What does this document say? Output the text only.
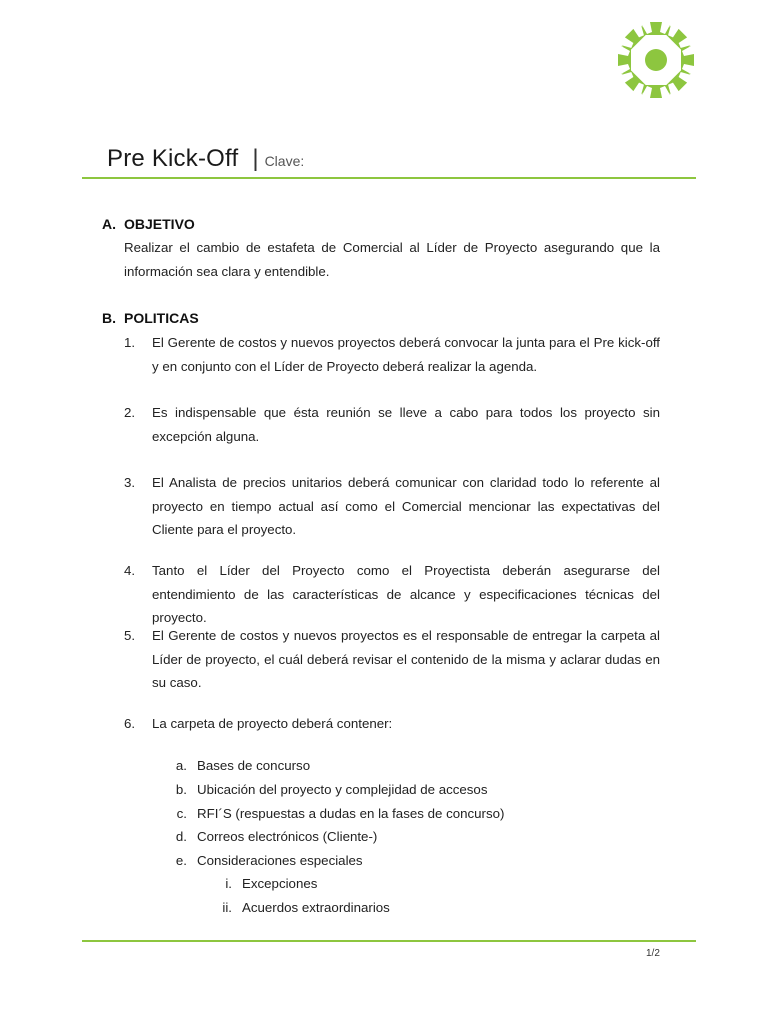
Pre Kick-Off | Clave:
A. OBJETIVO
Realizar el cambio de estafeta de Comercial al Líder de Proyecto asegurando que la información sea clara y entendible.
B. POLITICAS
1.	El Gerente de costos y nuevos proyectos deberá convocar la junta para el Pre kick-off y en conjunto con el Líder de Proyecto deberá realizar la agenda.
2.	Es indispensable que ésta reunión se lleve a cabo para todos los proyecto sin excepción alguna.
3.	El Analista de precios unitarios deberá comunicar con claridad todo lo referente al proyecto en tiempo actual así como el Comercial mencionar las expectativas del Cliente para el proyecto.
4.	Tanto el Líder del Proyecto como el Proyectista deberán asegurarse del entendimiento de las características de alcance y especificaciones técnicas del proyecto.
5.	El Gerente de costos y nuevos proyectos es el responsable de entregar la carpeta al Líder de proyecto, el cuál deberá revisar el contenido de la misma y aclarar dudas en su caso.
6.	La carpeta de proyecto deberá contener:
a. Bases de concurso
b. Ubicación del proyecto y complejidad de accesos
c. RFI´S (respuestas a dudas en la fases de concurso)
d. Correos electrónicos (Cliente-)
e. Consideraciones especiales
i. Excepciones
ii. Acuerdos extraordinarios
1/2
